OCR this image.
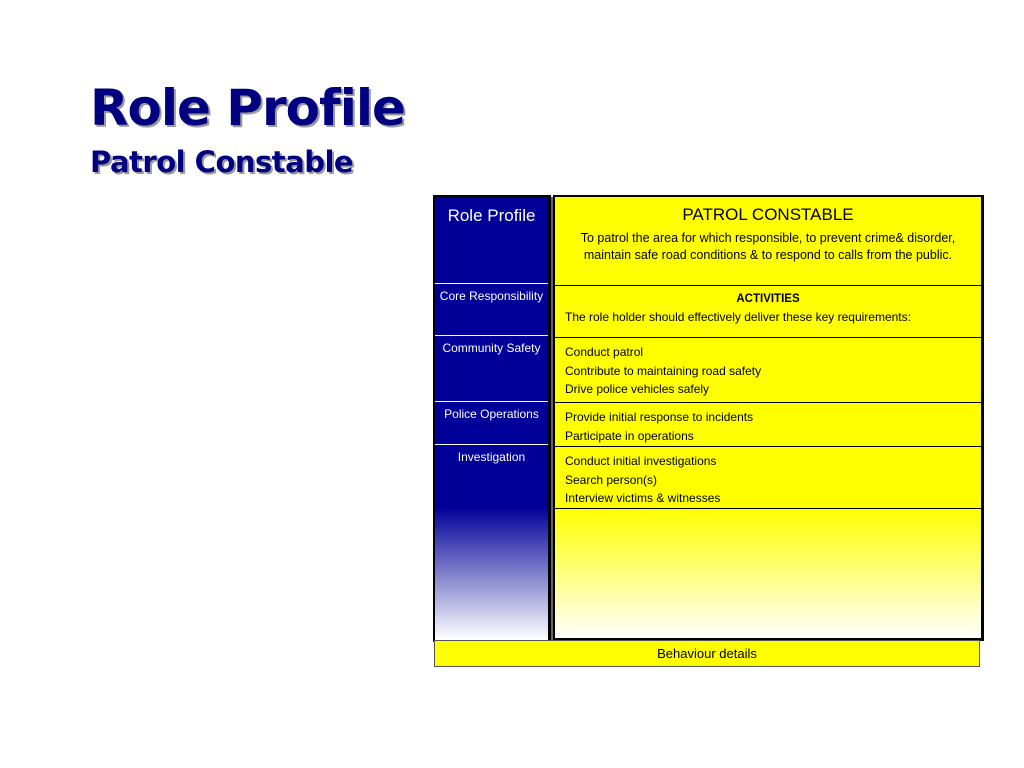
Role Profile
Patrol Constable
Role Profile
Core Responsibility
Community Safety
Police Operations
Investigation
PATROL CONSTABLE
To patrol the area for which responsible, to prevent crime& disorder, maintain safe road conditions & to respond to calls from the public.
ACTIVITIES
The role holder should effectively deliver these key requirements:
Conduct patrol
Contribute to maintaining road safety
Drive police vehicles safely
Provide initial response to incidents
Participate in operations
Conduct initial investigations
Search person(s)
Interview victims & witnesses
Behaviour details
